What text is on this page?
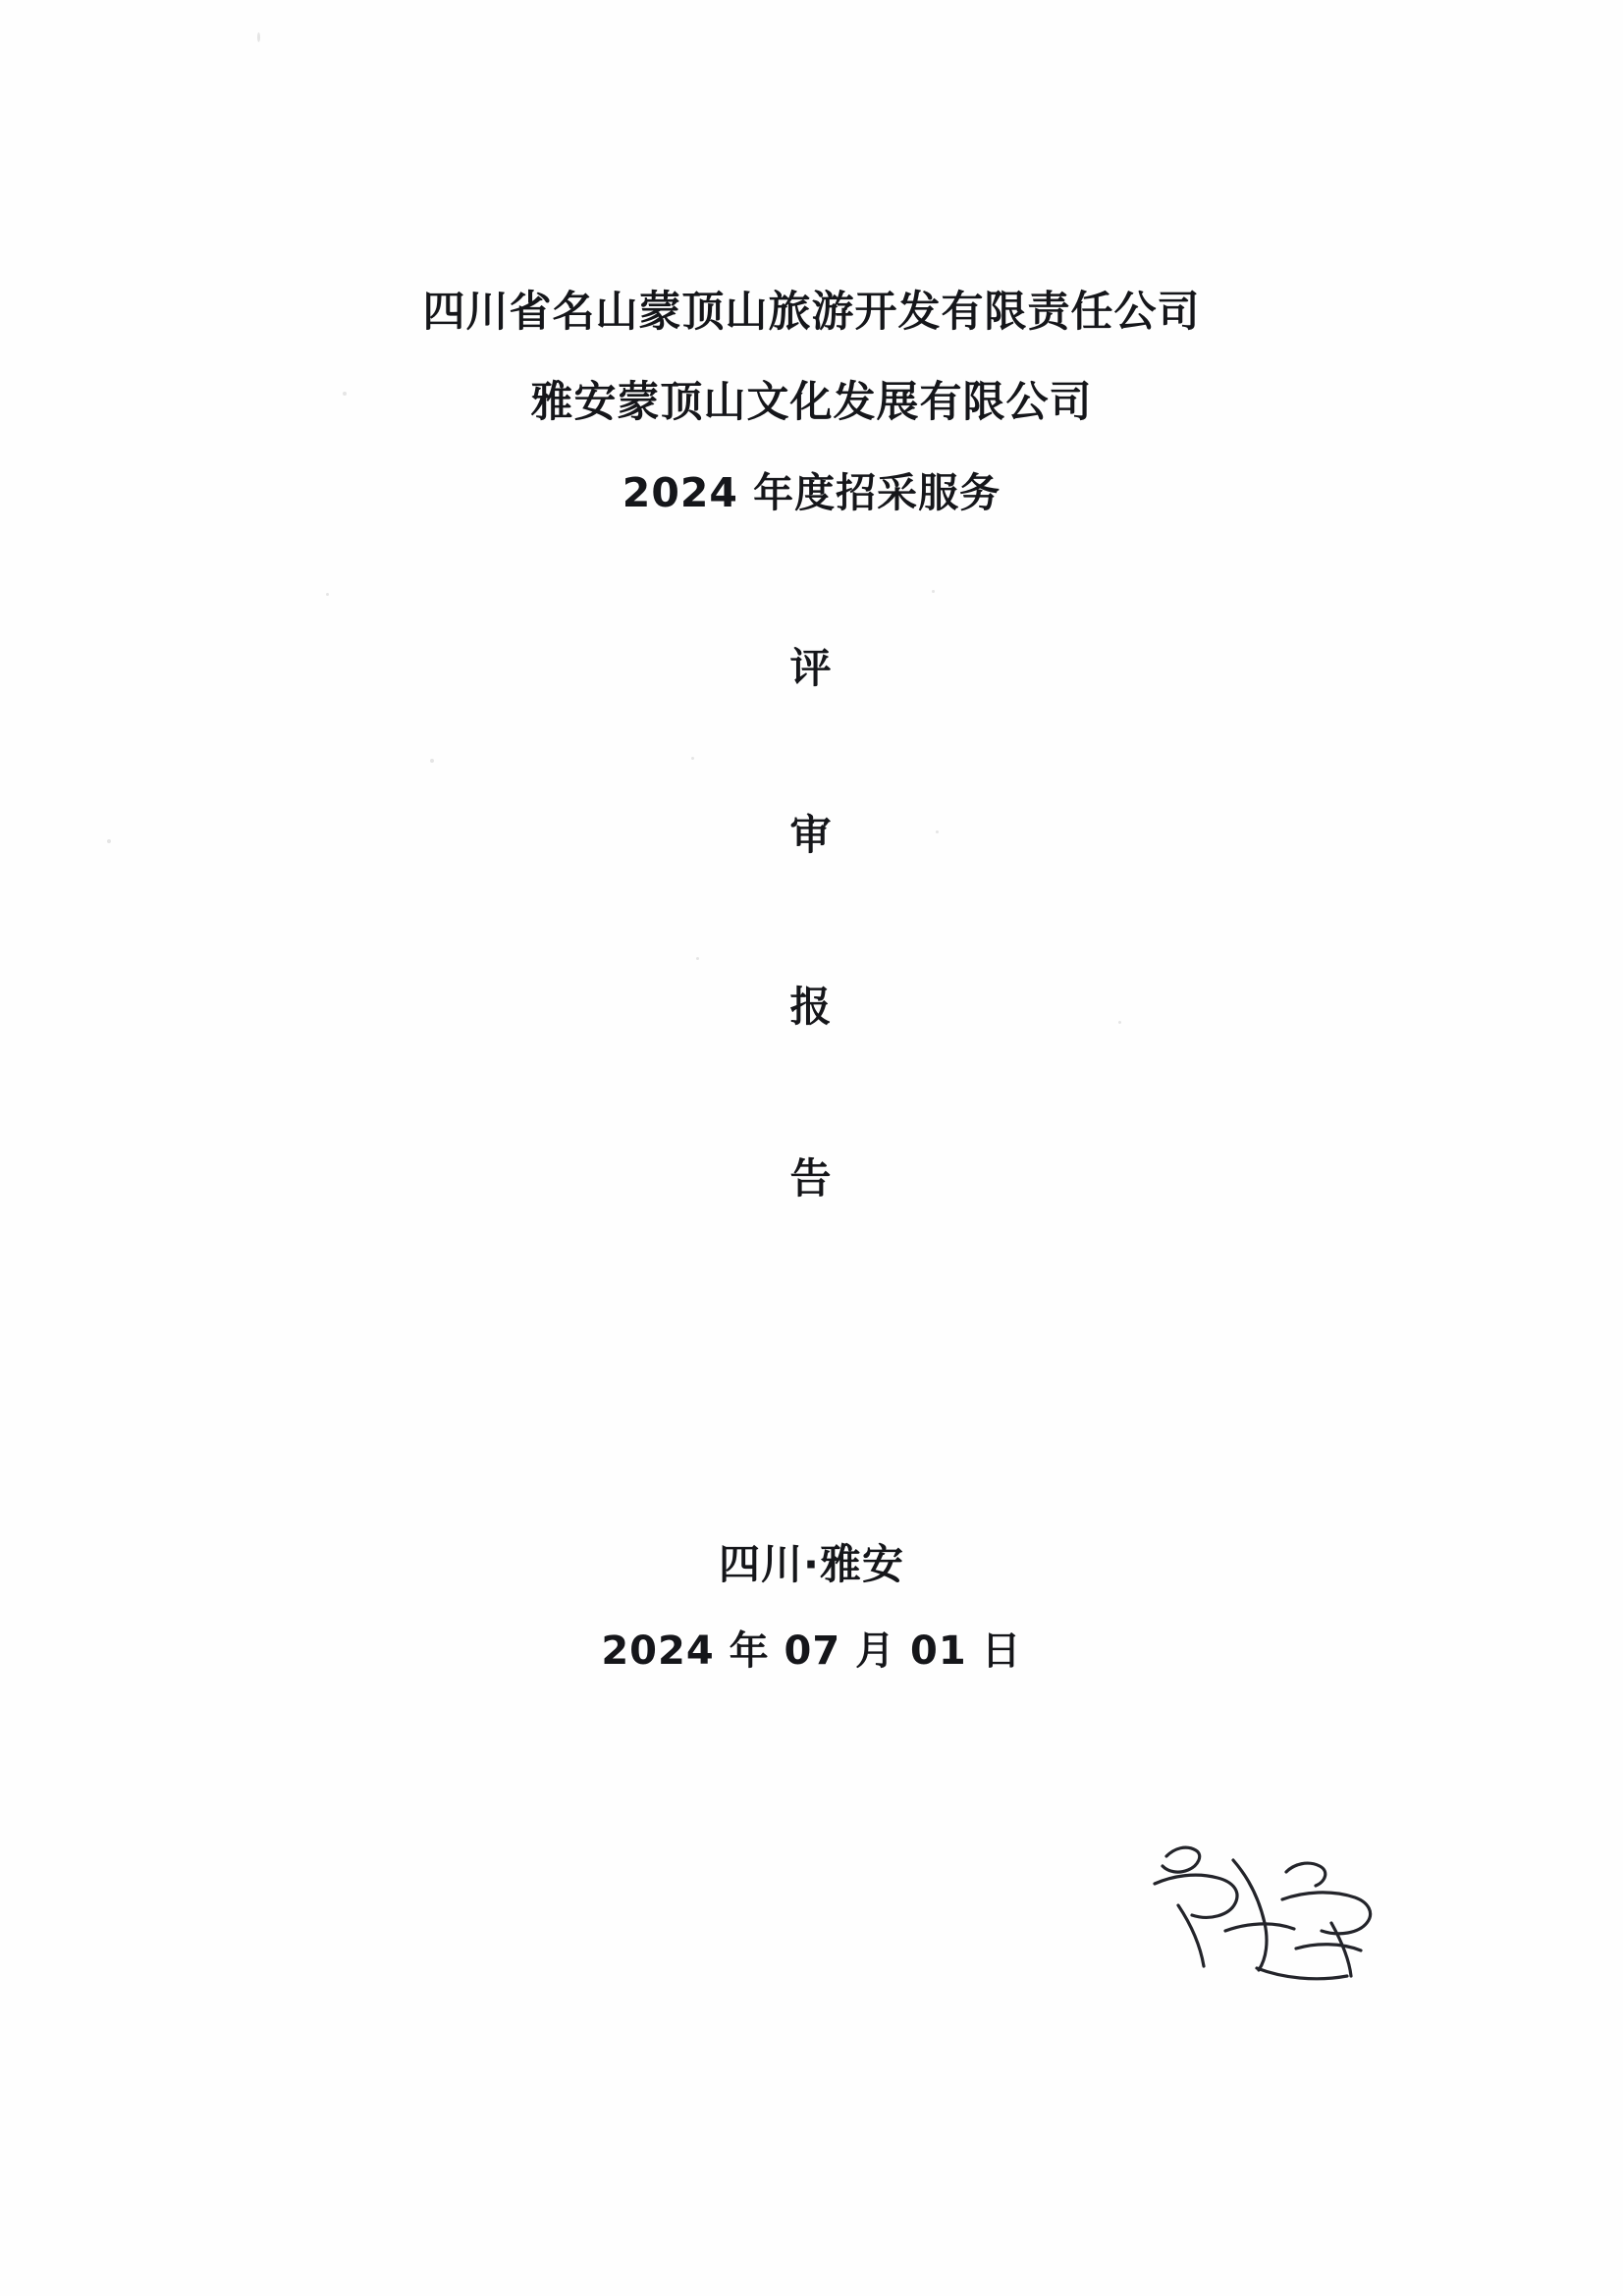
四川省名山蒙顶山旅游开发有限责任公司
雅安蒙顶山文化发展有限公司
2024 年度招采服务
评
审
报
告
四川·雅安
2024 年 07 月 01 日
